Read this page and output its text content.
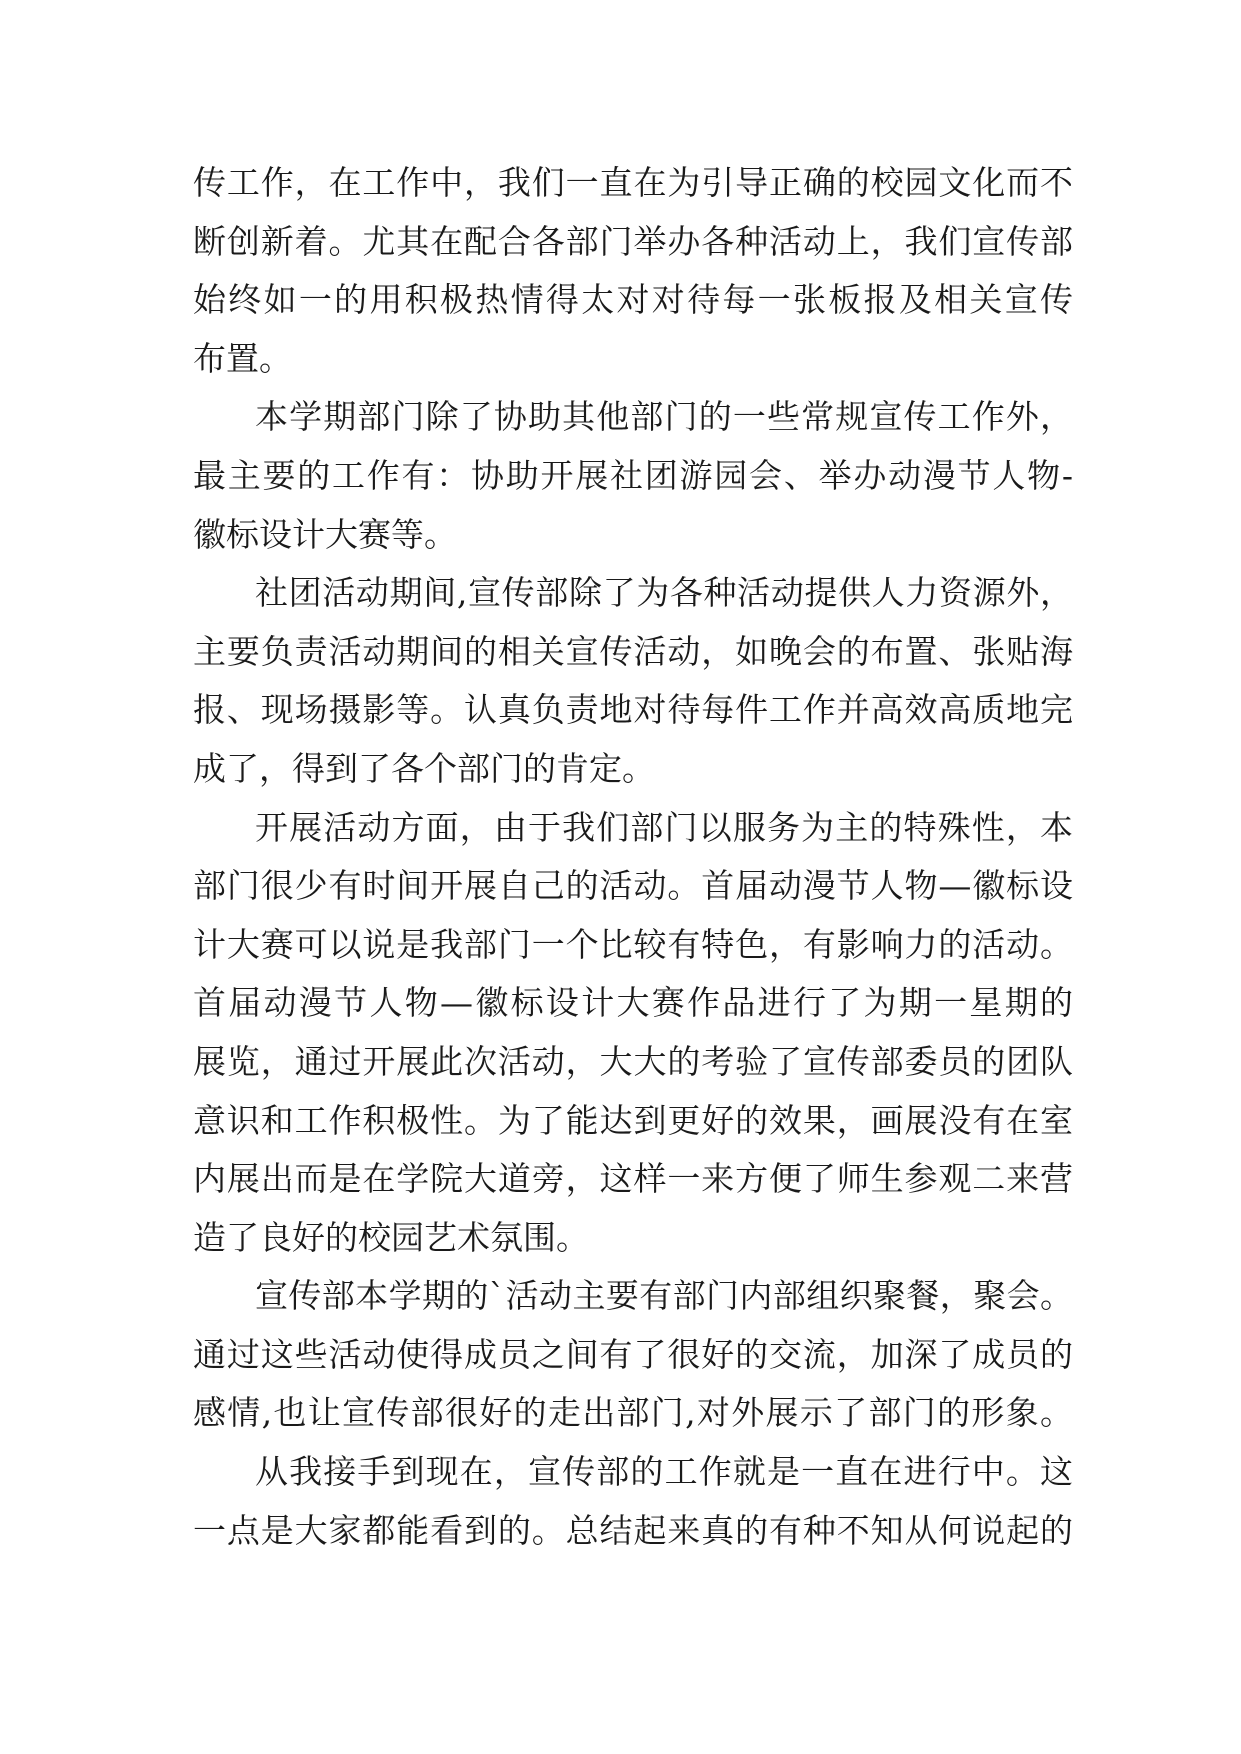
传工作，在工作中，我们一直在为引导正确的校园文化而不
断创新着。尤其在配合各部门举办各种活动上，我们宣传部
始终如一的用积极热情得太对对待每一张板报及相关宣传
布置。
本学期部门除了协助其他部门的一些常规宣传工作外，
最主要的工作有：协助开展社团游园会、举办动漫节人物-
徽标设计大赛等。
社团活动期间,宣传部除了为各种活动提供人力资源外，
主要负责活动期间的相关宣传活动，如晚会的布置、张贴海
报、现场摄影等。认真负责地对待每件工作并高效高质地完
成了，得到了各个部门的肯定。
开展活动方面，由于我们部门以服务为主的特殊性，本
部门很少有时间开展自己的活动。首届动漫节人物—徽标设
计大赛可以说是我部门一个比较有特色，有影响力的活动。
首届动漫节人物—徽标设计大赛作品进行了为期一星期的
展览，通过开展此次活动，大大的考验了宣传部委员的团队
意识和工作积极性。为了能达到更好的效果，画展没有在室
内展出而是在学院大道旁，这样一来方便了师生参观二来营
造了良好的校园艺术氛围。
宣传部本学期的`活动主要有部门内部组织聚餐，聚会。
通过这些活动使得成员之间有了很好的交流，加深了成员的
感情,也让宣传部很好的走出部门,对外展示了部门的形象。
从我接手到现在，宣传部的工作就是一直在进行中。这
一点是大家都能看到的。总结起来真的有种不知从何说起的
